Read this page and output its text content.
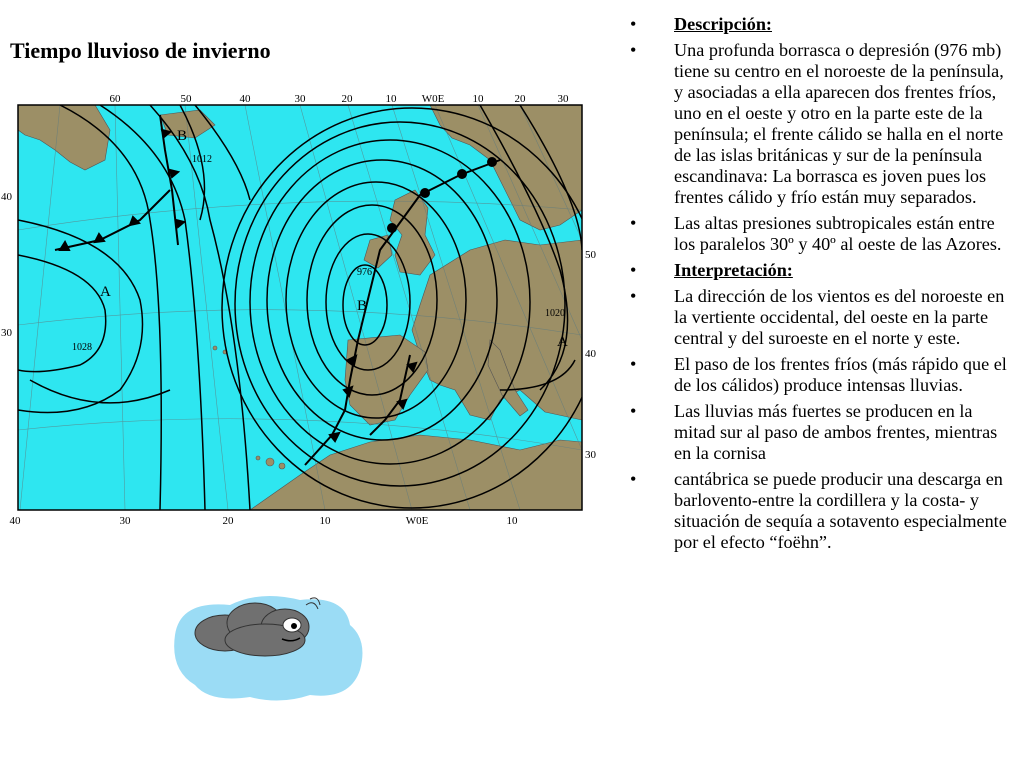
Tiempo lluvioso de invierno
60	50	40	30	20	10 W0E	10	20	30
40	30	20	10	W0E	10
40
30
50
40
30
1012
976
1020
1028
B
B
A
A
• Descripción:
• Una profunda borrasca o depresión (976 mb) tiene su centro en el noroeste de la península, y asociadas a ella aparecen dos frentes fríos, uno en el oeste y otro en la parte este de la península; el frente cálido se halla en el norte de las islas británicas y sur de la península escandinava: La borrasca es joven pues los frentes cálido y frío están muy separados.
• Las altas presiones subtropicales están entre los paralelos 30º y 40º al oeste de las Azores.
• Interpretación:
• La dirección de los vientos es del noroeste en la vertiente occidental, del oeste en la parte central y del suroeste en el norte y este.
• El paso de los frentes fríos (más rápido que el de los cálidos) produce intensas lluvias.
• Las lluvias más fuertes se producen en la mitad sur al paso de ambos frentes, mientras en la cornisa
• cantábrica se puede producir una descarga en barlovento-entre la cordillera y la costa- y situación de sequía a sotavento especialmente por el efecto “foëhn”.
